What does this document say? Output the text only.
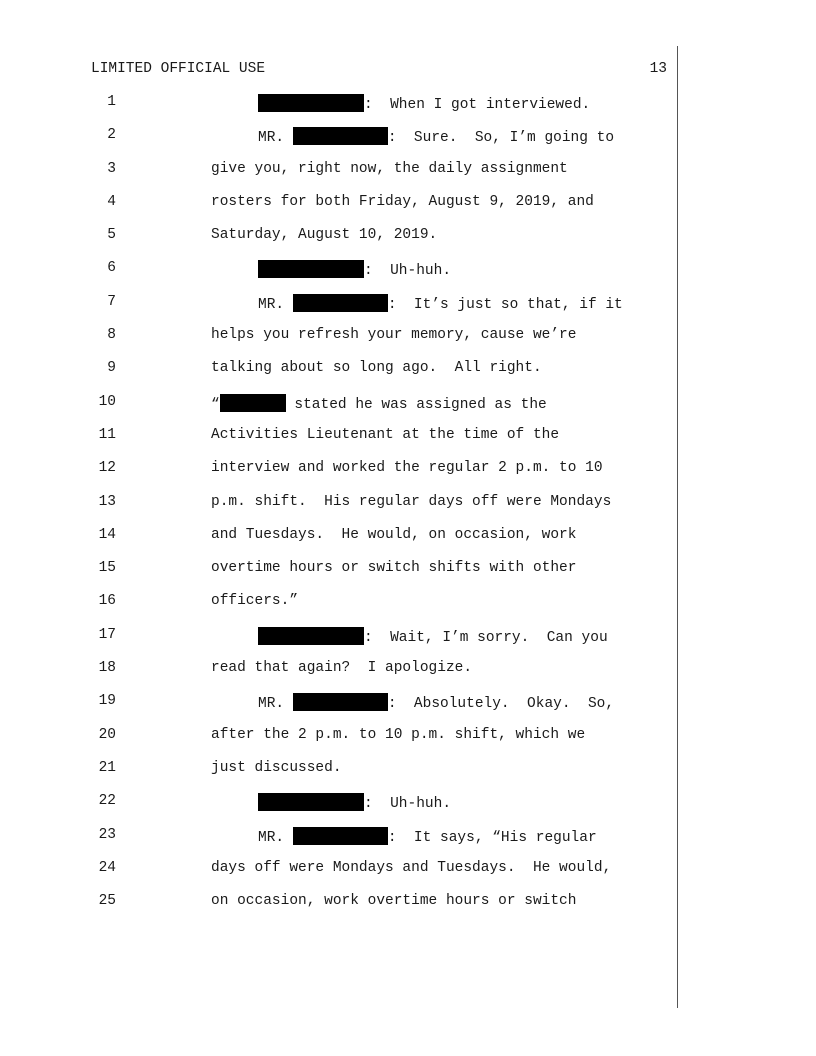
LIMITED OFFICIAL USE	13

1

	:  When I got interviewed.

2

	MR.	:  Sure.  So, I’m going to

3

	give you, right now, the daily assignment

4

	rosters for both Friday, August 9, 2019, and

5

	Saturday, August 10, 2019.

6

	:  Uh-huh.

7

	MR.	:  It’s just so that, if it

8

	helps you refresh your memory, cause we’re

9

	talking about so long ago.  All right.

10

	“	stated he was assigned as the

11

	Activities Lieutenant at the time of the

12

	interview and worked the regular 2 p.m. to 10

13

	p.m. shift.  His regular days off were Mondays

14

	and Tuesdays.  He would, on occasion, work

15

	overtime hours or switch shifts with other

16

	officers.”

17

	:  Wait, I’m sorry.  Can you

18

	read that again?  I apologize.

19

	MR.	:  Absolutely.  Okay.  So,

20

	after the 2 p.m. to 10 p.m. shift, which we

21

	just discussed.

22

	:  Uh-huh.

23

	MR.	:  It says, “His regular

24

	days off were Mondays and Tuesdays.  He would,

25

	on occasion, work overtime hours or switch
